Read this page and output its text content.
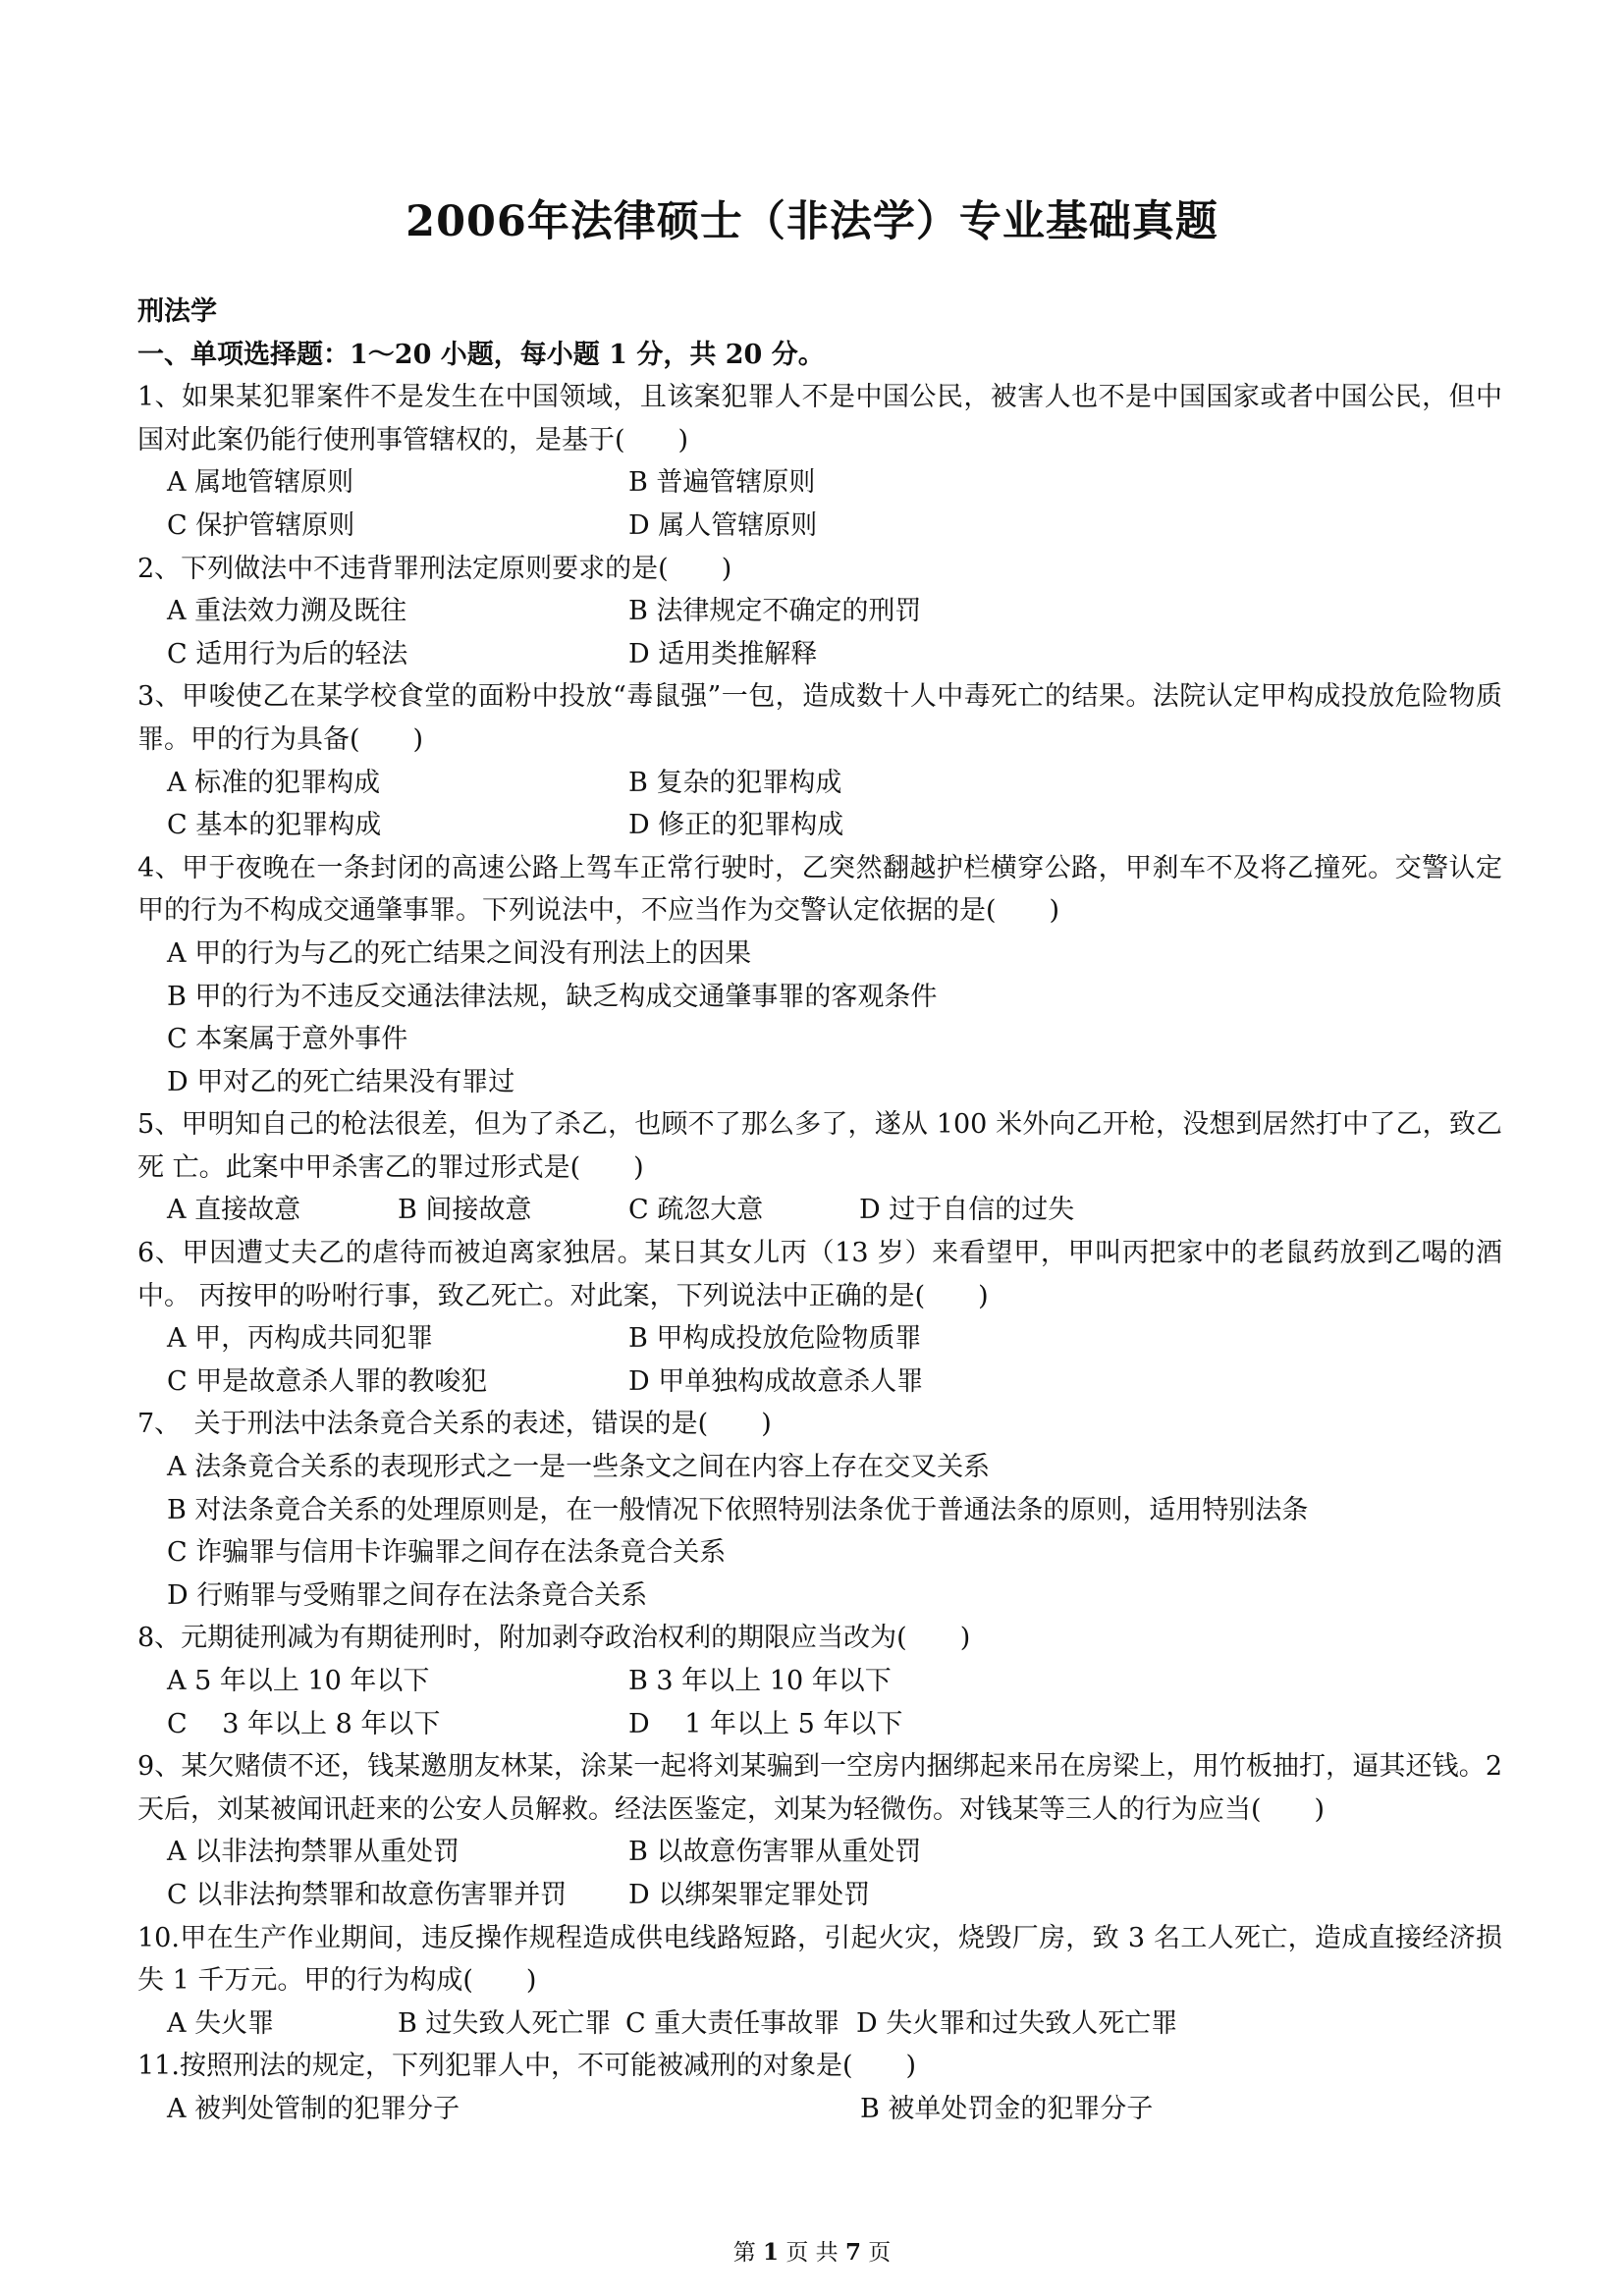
2006年法律硕士（非法学）专业基础真题
刑法学
一、单项选择题：1～20 小题，每小题 1 分，共 20 分。
1、如果某犯罪案件不是发生在中国领域，且该案犯罪人不是中国公民，被害人也不是中国国家或者中国公民，但中国对此案仍能行使刑事管辖权的，是基于(　　)
A 属地管辖原则	B 普遍管辖原则
C 保护管辖原则	D 属人管辖原则
2、下列做法中不违背罪刑法定原则要求的是(　　)
A 重法效力溯及既往	B 法律规定不确定的刑罚
C 适用行为后的轻法	D 适用类推解释
3、甲唆使乙在某学校食堂的面粉中投放“毒鼠强”一包，造成数十人中毒死亡的结果。法院认定甲构成投放危险物质罪。甲的行为具备(　　)
A 标准的犯罪构成	B 复杂的犯罪构成
C 基本的犯罪构成	D 修正的犯罪构成
4、甲于夜晚在一条封闭的高速公路上驾车正常行驶时，乙突然翻越护栏横穿公路，甲刹车不及将乙撞死。交警认定甲的行为不构成交通肇事罪。下列说法中，不应当作为交警认定依据的是(　　)
A 甲的行为与乙的死亡结果之间没有刑法上的因果
B 甲的行为不违反交通法律法规，缺乏构成交通肇事罪的客观条件
C 本案属于意外事件
D 甲对乙的死亡结果没有罪过
5、甲明知自己的枪法很差，但为了杀乙，也顾不了那么多了，遂从 100 米外向乙开枪，没想到居然打中了乙，致乙死 亡。此案中甲杀害乙的罪过形式是(　　)
A 直接故意	B 间接故意	C 疏忽大意	D 过于自信的过失
6、甲因遭丈夫乙的虐待而被迫离家独居。某日其女儿丙（13 岁）来看望甲，甲叫丙把家中的老鼠药放到乙喝的酒中。 丙按甲的吩咐行事，致乙死亡。对此案，下列说法中正确的是(　　)
A 甲，丙构成共同犯罪	B 甲构成投放危险物质罪
C 甲是故意杀人罪的教唆犯	D 甲单独构成故意杀人罪
7、　关于刑法中法条竟合关系的表述，错误的是(　　)
A 法条竟合关系的表现形式之一是一些条文之间在内容上存在交叉关系
B 对法条竟合关系的处理原则是，在一般情况下依照特别法条优于普通法条的原则，适用特别法条
C 诈骗罪与信用卡诈骗罪之间存在法条竟合关系
D 行贿罪与受贿罪之间存在法条竟合关系
8、元期徒刑减为有期徒刑时，附加剥夺政治权利的期限应当改为(　　)
A 5 年以上 10 年以下	B 3 年以上 10 年以下
C　 3 年以上 8 年以下	D　 1 年以上 5 年以下
9、某欠赌债不还，钱某邀朋友林某，涂某一起将刘某骗到一空房内捆绑起来吊在房梁上，用竹板抽打，逼其还钱。2 天后，刘某被闻讯赶来的公安人员解救。经法医鉴定，刘某为轻微伤。对钱某等三人的行为应当(　　)
A 以非法拘禁罪从重处罚	B 以故意伤害罪从重处罚
C 以非法拘禁罪和故意伤害罪并罚 D 以绑架罪定罪处罚
10.甲在生产作业期间，违反操作规程造成供电线路短路，引起火灾，烧毁厂房，致 3 名工人死亡，造成直接经济损失 1 千万元。甲的行为构成(　　)
A 失火罪	B 过失致人死亡罪 C 重大责任事故罪 D 失火罪和过失致人死亡罪
11.按照刑法的规定，下列犯罪人中，不可能被减刑的对象是(　　)
A 被判处管制的犯罪分子	B 被单处罚金的犯罪分子
第 1 页 共 7 页
